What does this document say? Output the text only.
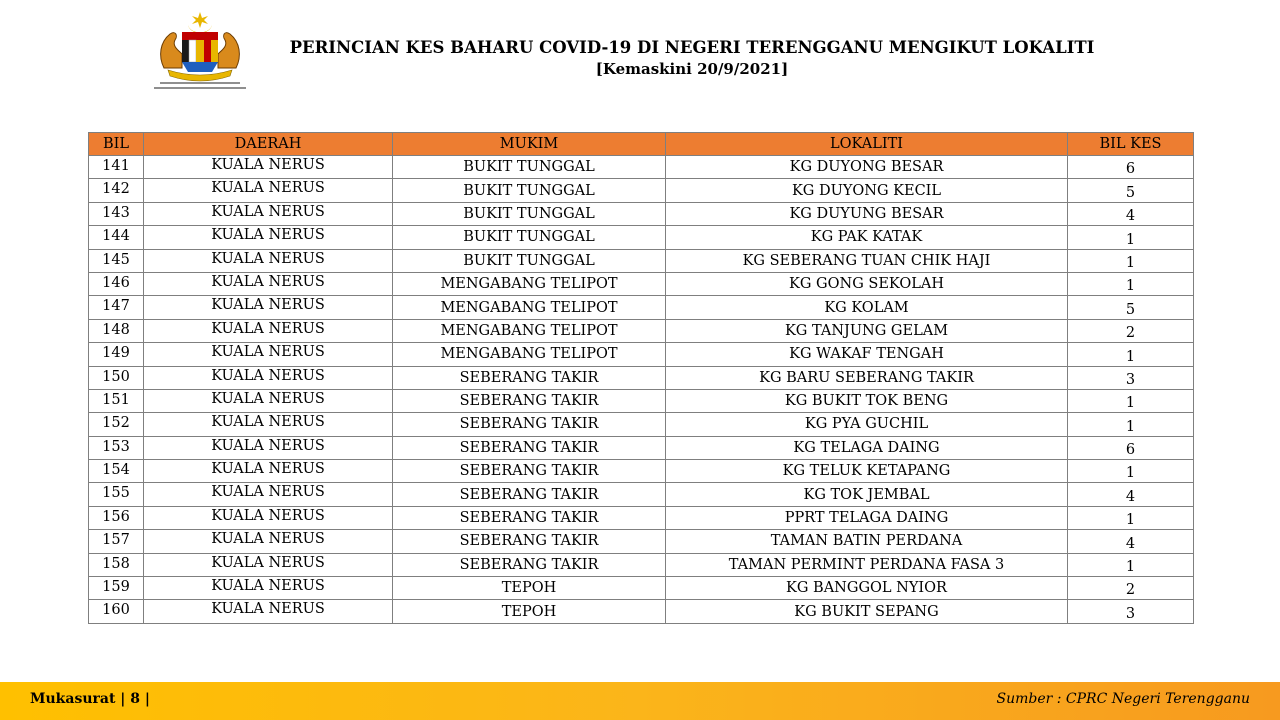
PERINCIAN KES BAHARU COVID-19 DI NEGERI TERENGGANU MENGIKUT LOKALITI
[Kemaskini 20/9/2021]
BIL	DAERAH	MUKIM	LOKALITI	BIL KES
141	KUALA NERUS	BUKIT TUNGGAL	KG DUYONG BESAR	6
142	KUALA NERUS	BUKIT TUNGGAL	KG DUYONG KECIL	5
143	KUALA NERUS	BUKIT TUNGGAL	KG DUYUNG BESAR	4
144	KUALA NERUS	BUKIT TUNGGAL	KG PAK KATAK	1
145	KUALA NERUS	BUKIT TUNGGAL	KG SEBERANG TUAN CHIK HAJI	1
146	KUALA NERUS	MENGABANG TELIPOT	KG GONG SEKOLAH	1
147	KUALA NERUS	MENGABANG TELIPOT	KG KOLAM	5
148	KUALA NERUS	MENGABANG TELIPOT	KG TANJUNG GELAM	2
149	KUALA NERUS	MENGABANG TELIPOT	KG WAKAF TENGAH	1
150	KUALA NERUS	SEBERANG TAKIR	KG BARU SEBERANG TAKIR	3
151	KUALA NERUS	SEBERANG TAKIR	KG BUKIT TOK BENG	1
152	KUALA NERUS	SEBERANG TAKIR	KG PYA GUCHIL	1
153	KUALA NERUS	SEBERANG TAKIR	KG TELAGA DAING	6
154	KUALA NERUS	SEBERANG TAKIR	KG TELUK KETAPANG	1
155	KUALA NERUS	SEBERANG TAKIR	KG TOK JEMBAL	4
156	KUALA NERUS	SEBERANG TAKIR	PPRT TELAGA DAING	1
157	KUALA NERUS	SEBERANG TAKIR	TAMAN BATIN PERDANA	4
158	KUALA NERUS	SEBERANG TAKIR	TAMAN PERMINT PERDANA FASA 3	1
159	KUALA NERUS	TEPOH	KG BANGGOL NYIOR	2
160	KUALA NERUS	TEPOH	KG BUKIT SEPANG	3
Mukasurat | 8 |	Sumber : CPRC Negeri Terengganu
